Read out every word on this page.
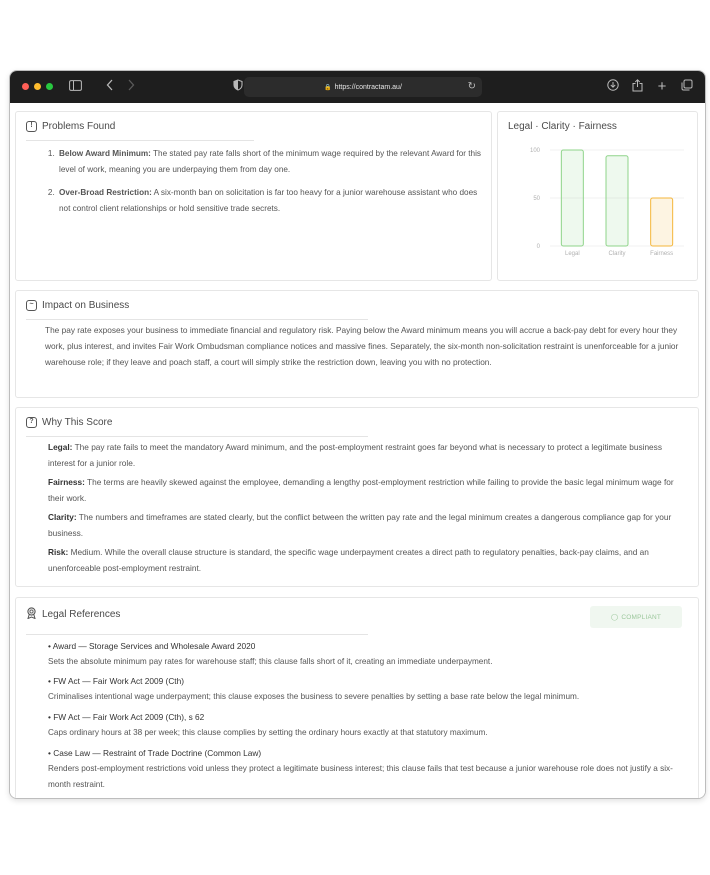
🔒 https://contractam.au/	↻	+
! Problems Found
1. Below Award Minimum: The stated pay rate falls short of the minimum wage required by the relevant Award for this level of work, meaning you are underpaying them from day one.
2. Over-Broad Restriction: A six-month ban on solicitation is far too heavy for a junior warehouse assistant who does not control client relationships or hold sensitive trade secrets.
Legal · Clarity · Fairness
0
50
100
Legal	Clarity	Fairness
~ Impact on Business
The pay rate exposes your business to immediate financial and regulatory risk. Paying below the Award minimum means you will accrue a back-pay debt for every hour they work, plus interest, and invites Fair Work Ombudsman compliance notices and massive fines. Separately, the six-month non-solicitation restraint is unenforceable for a junior warehouse role; if they leave and poach staff, a court will simply strike the restriction down, leaving you with no protection.
? Why This Score
Legal: The pay rate fails to meet the mandatory Award minimum, and the post-employment restraint goes far beyond what is necessary to protect a legitimate business interest for a junior role.
Fairness: The terms are heavily skewed against the employee, demanding a lengthy post-employment restriction while failing to provide the basic legal minimum wage for their work.
Clarity: The numbers and timeframes are stated clearly, but the conflict between the written pay rate and the legal minimum creates a dangerous compliance gap for your business.
Risk: Medium. While the overall clause structure is standard, the specific wage underpayment creates a direct path to regulatory penalties, back-pay claims, and an unenforceable post-employment restraint.
Legal References	◯ COMPLIANT
• Award — Storage Services and Wholesale Award 2020
Sets the absolute minimum pay rates for warehouse staff; this clause falls short of it, creating an immediate underpayment.
• FW Act — Fair Work Act 2009 (Cth)
Criminalises intentional wage underpayment; this clause exposes the business to severe penalties by setting a base rate below the legal minimum.
• FW Act — Fair Work Act 2009 (Cth), s 62
Caps ordinary hours at 38 per week; this clause complies by setting the ordinary hours exactly at that statutory maximum.
• Case Law — Restraint of Trade Doctrine (Common Law)
Renders post-employment restrictions void unless they protect a legitimate business interest; this clause fails that test because a junior warehouse role does not justify a six-month restraint.
